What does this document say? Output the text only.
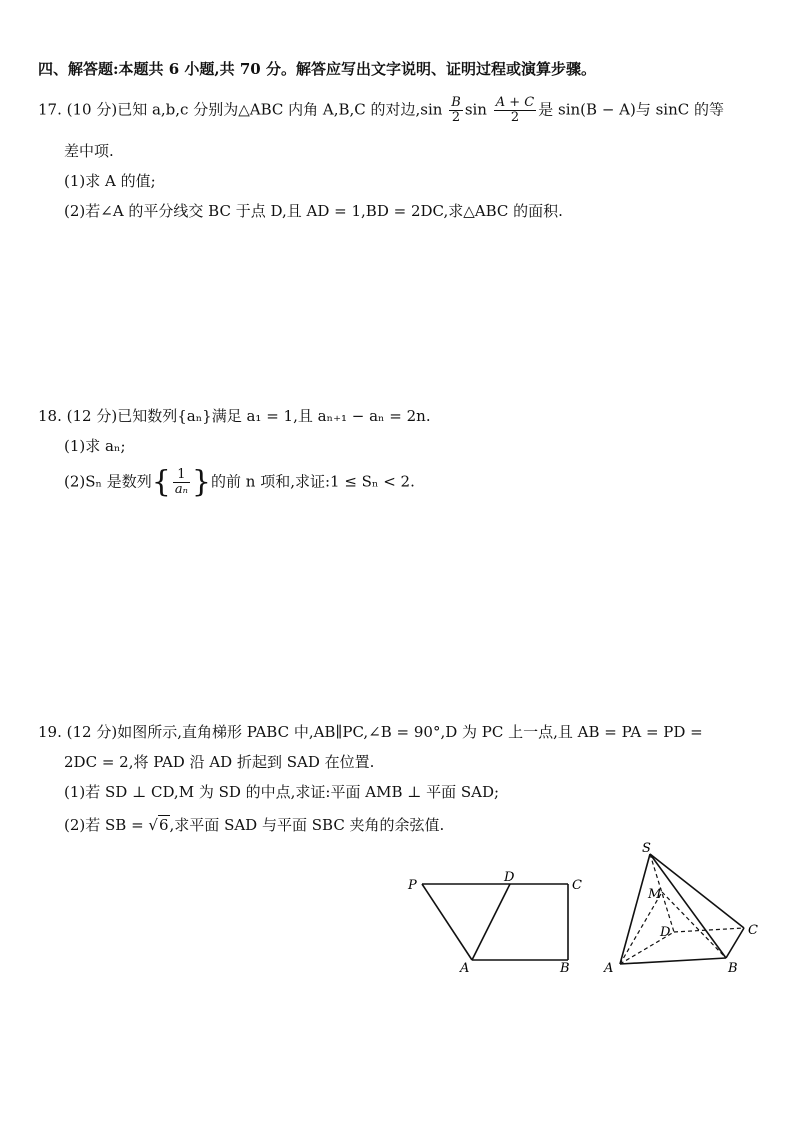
四、解答题:本题共 6 小题,共 70 分。解答应写出文字说明、证明过程或演算步骤。
17. (10 分)已知 a,b,c 分别为△ABC 内角 A,B,C 的对边$,\sin \frac{B}{2}$ $\sin \frac{A + C}{2}$ 是 sin(B − A)与 sinC 的等
差中项.
(1)求 A 的值;
(2)若∠A 的平分线交 BC 于点 D,且 AD = 1,BD = 2DC,求△ABC 的面积.
18. (12 分)已知数列{aₙ}满足 a₁ = 1,且 aₙ₊₁ − aₙ = 2n.
(1)求 aₙ;
(2)Sₙ 是数列{ $\frac{1}{\text{aₙ}}$ }的前 n 项和,求证:1 ≤ Sₙ < 2.
19. (12 分)如图所示,直角梯形 PABC 中,AB∥PC,∠B = 90°,D 为 PC 上一点,且 AB = PA = PD =
2DC = 2,将 PAD 沿 AD 折起到 SAD 在位置.
(1)若 SD ⊥ CD,M 为 SD 的中点,求证:平面 AMB ⊥ 平面 SAD;
(2)若 SB = √6,求平面 SAD 与平面 SBC 夹角的余弦值.
P
D
C
A	B
S
M
D	C
A	B
